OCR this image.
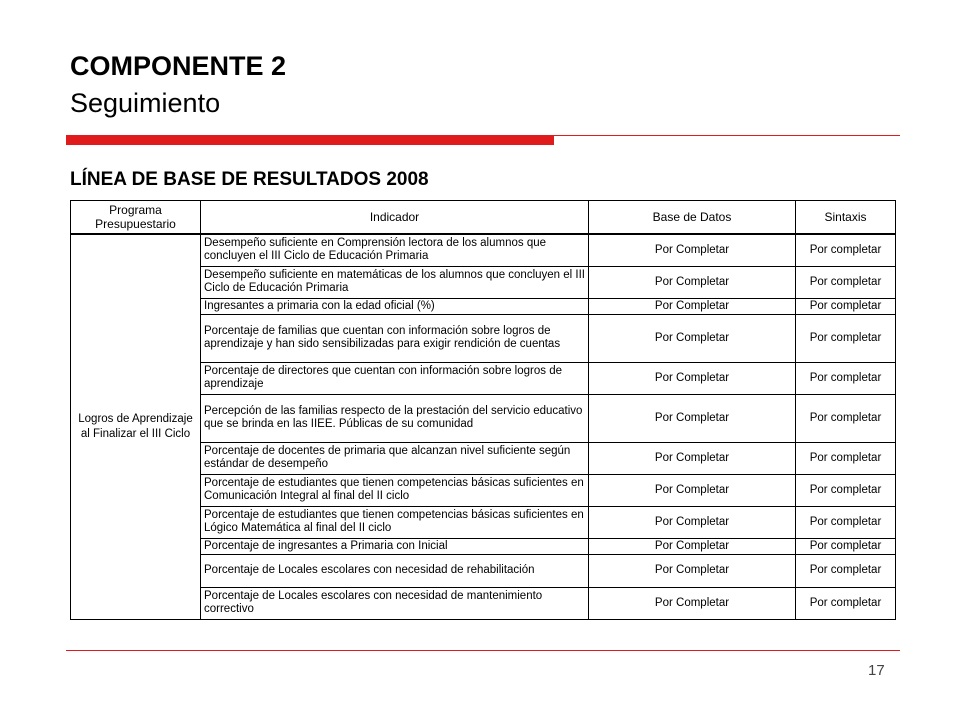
COMPONENTE 2
Seguimiento
LÍNEA DE BASE DE RESULTADOS 2008
Programa Presupuestario	Indicador	Base de Datos	Sintaxis
Logros de Aprendizaje al Finalizar el III Ciclo	Desempeño suficiente en Comprensión lectora de los alumnos que concluyen el III Ciclo de Educación Primaria	Por Completar	Por completar
	Desempeño suficiente en matemáticas de los alumnos que concluyen el III Ciclo de Educación Primaria	Por Completar	Por completar
	Ingresantes a primaria con la edad oficial (%)	Por Completar	Por completar
	Porcentaje de familias que cuentan con información sobre logros de aprendizaje y han sido sensibilizadas para exigir rendición de cuentas	Por Completar	Por completar
	Porcentaje de directores que cuentan con información sobre logros de aprendizaje	Por Completar	Por completar
	Percepción de las familias respecto de la prestación del servicio educativo que se brinda en las IIEE. Públicas de su comunidad	Por Completar	Por completar
	Porcentaje de docentes de primaria que alcanzan nivel suficiente según estándar de desempeño	Por Completar	Por completar
	Porcentaje de estudiantes que tienen competencias básicas suficientes en Comunicación Integral al final del II ciclo	Por Completar	Por completar
	Porcentaje de estudiantes que tienen competencias básicas suficientes en Lógico Matemática al final del II ciclo	Por Completar	Por completar
	Porcentaje de ingresantes a Primaria con Inicial	Por Completar	Por completar
	Porcentaje de Locales escolares con necesidad de rehabilitación	Por Completar	Por completar
	Porcentaje de Locales escolares con necesidad de mantenimiento correctivo	Por Completar	Por completar
17
